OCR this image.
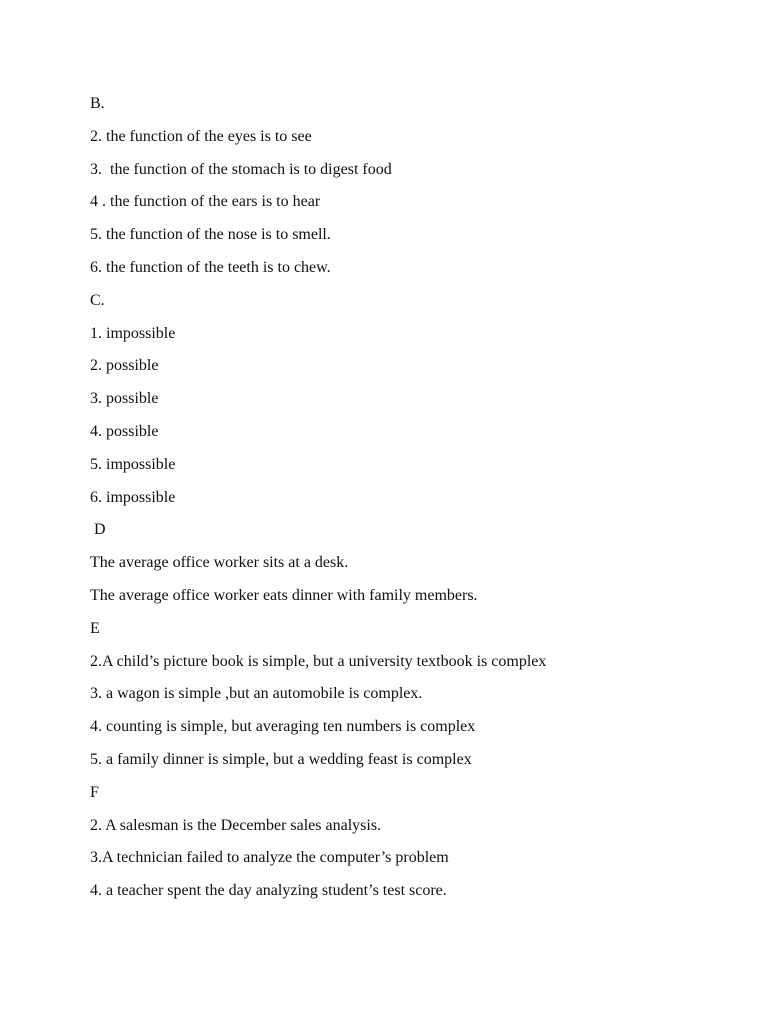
B.
2. the function of the eyes is to see
3.  the function of the stomach is to digest food
4 . the function of the ears is to hear
5. the function of the nose is to smell.
6. the function of the teeth is to chew.
C.
1. impossible
2. possible
3. possible
4. possible
5. impossible
6. impossible
D
The average office worker sits at a desk.
The average office worker eats dinner with family members.
E
2.A child’s picture book is simple, but a university textbook is complex
3. a wagon is simple ,but an automobile is complex.
4. counting is simple, but averaging ten numbers is complex
5. a family dinner is simple, but a wedding feast is complex
F
2. A salesman is the December sales analysis.
3.A technician failed to analyze the computer’s problem
4. a teacher spent the day analyzing student’s test score.
